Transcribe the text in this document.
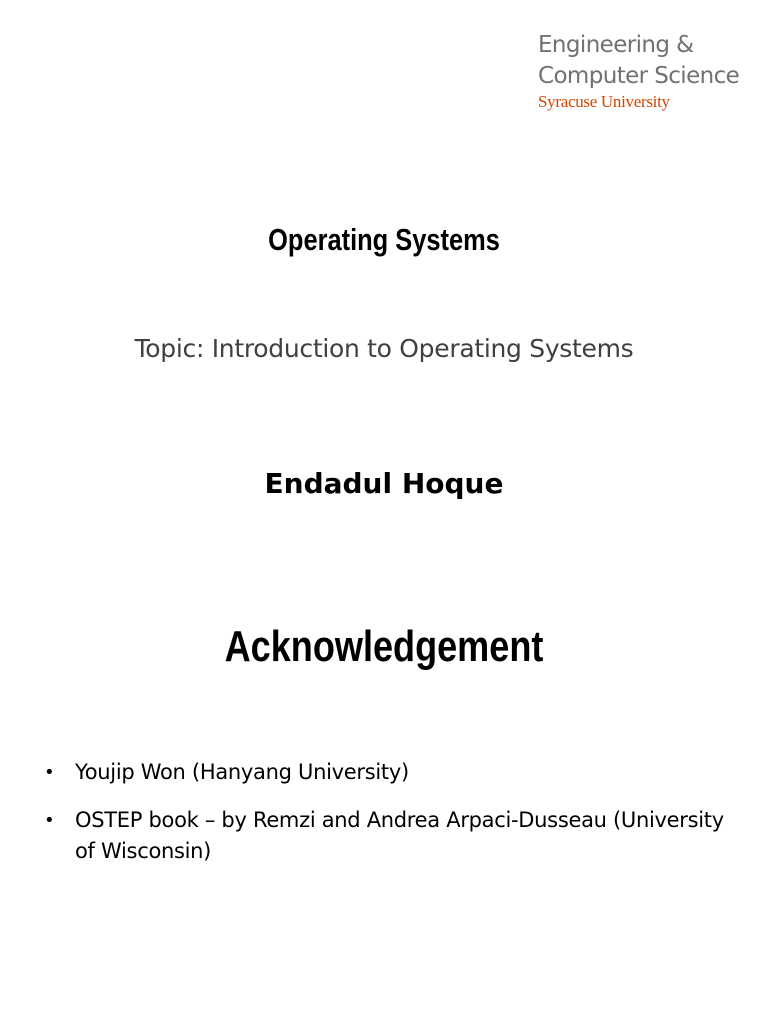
Engineering &
Computer Science
Syracuse University
Operating Systems
Topic: Introduction to Operating Systems
Endadul Hoque
Acknowledgement
• Youjip Won (Hanyang University)
• OSTEP book – by Remzi and Andrea Arpaci-Dusseau (University of Wisconsin)
